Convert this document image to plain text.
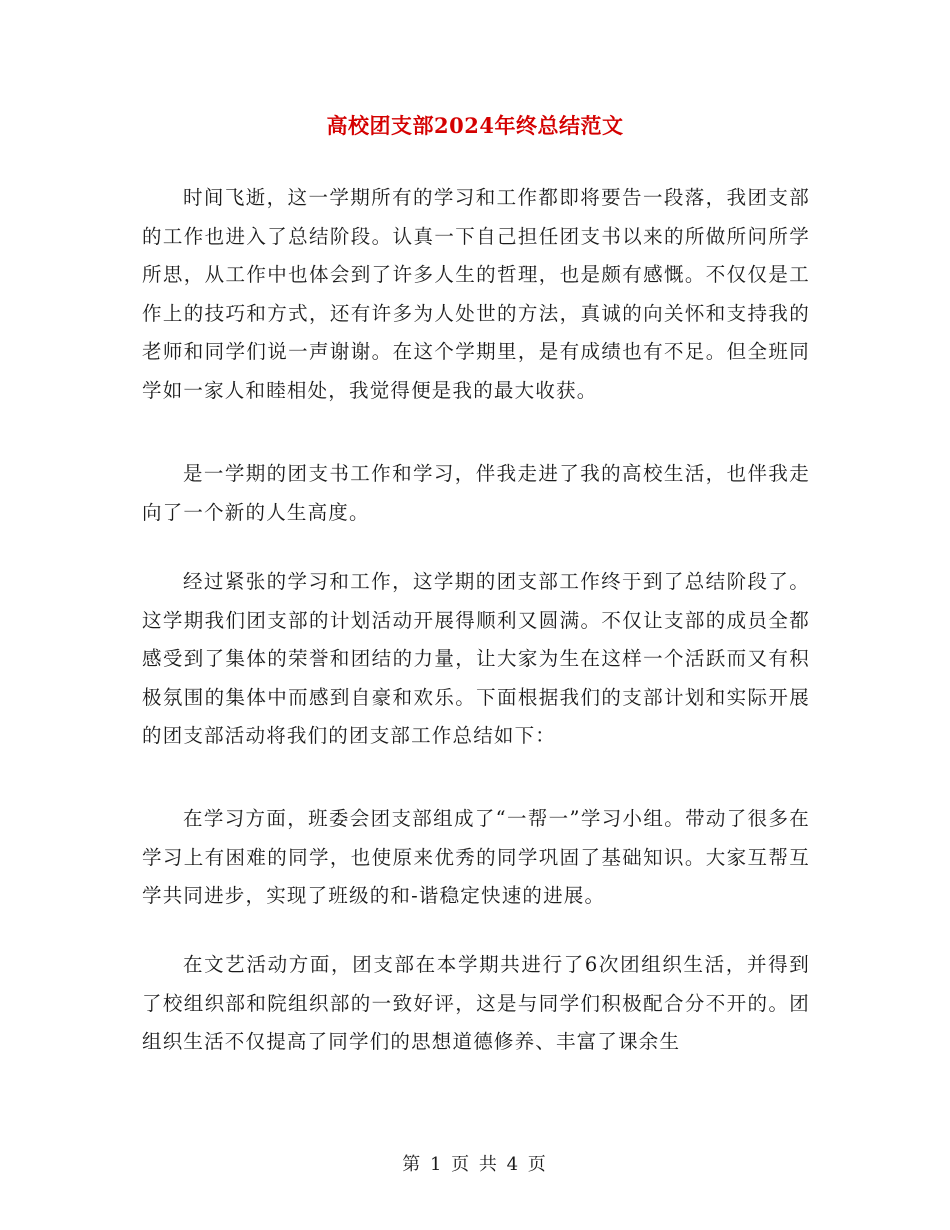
高校团支部2024年终总结范文
时间飞逝，这一学期所有的学习和工作都即将要告一段落，我团支部的工作也进入了总结阶段。认真一下自己担任团支书以来的所做所问所学所思，从工作中也体会到了许多人生的哲理，也是颇有感慨。不仅仅是工作上的技巧和方式，还有许多为人处世的方法，真诚的向关怀和支持我的老师和同学们说一声谢谢。在这个学期里，是有成绩也有不足。但全班同学如一家人和睦相处，我觉得便是我的最大收获。
是一学期的团支书工作和学习，伴我走进了我的高校生活，也伴我走向了一个新的人生高度。
经过紧张的学习和工作，这学期的团支部工作终于到了总结阶段了。这学期我们团支部的计划活动开展得顺利又圆满。不仅让支部的成员全都感受到了集体的荣誉和团结的力量，让大家为生在这样一个活跃而又有积极氛围的集体中而感到自豪和欢乐。下面根据我们的支部计划和实际开展的团支部活动将我们的团支部工作总结如下：
在学习方面，班委会团支部组成了“一帮一”学习小组。带动了很多在学习上有困难的同学，也使原来优秀的同学巩固了基础知识。大家互帮互学共同进步，实现了班级的和-谐稳定快速的进展。
在文艺活动方面，团支部在本学期共进行了6次团组织生活，并得到了校组织部和院组织部的一致好评，这是与同学们积极配合分不开的。团组织生活不仅提高了同学们的思想道德修养、丰富了课余生
第 1 页 共 4 页
